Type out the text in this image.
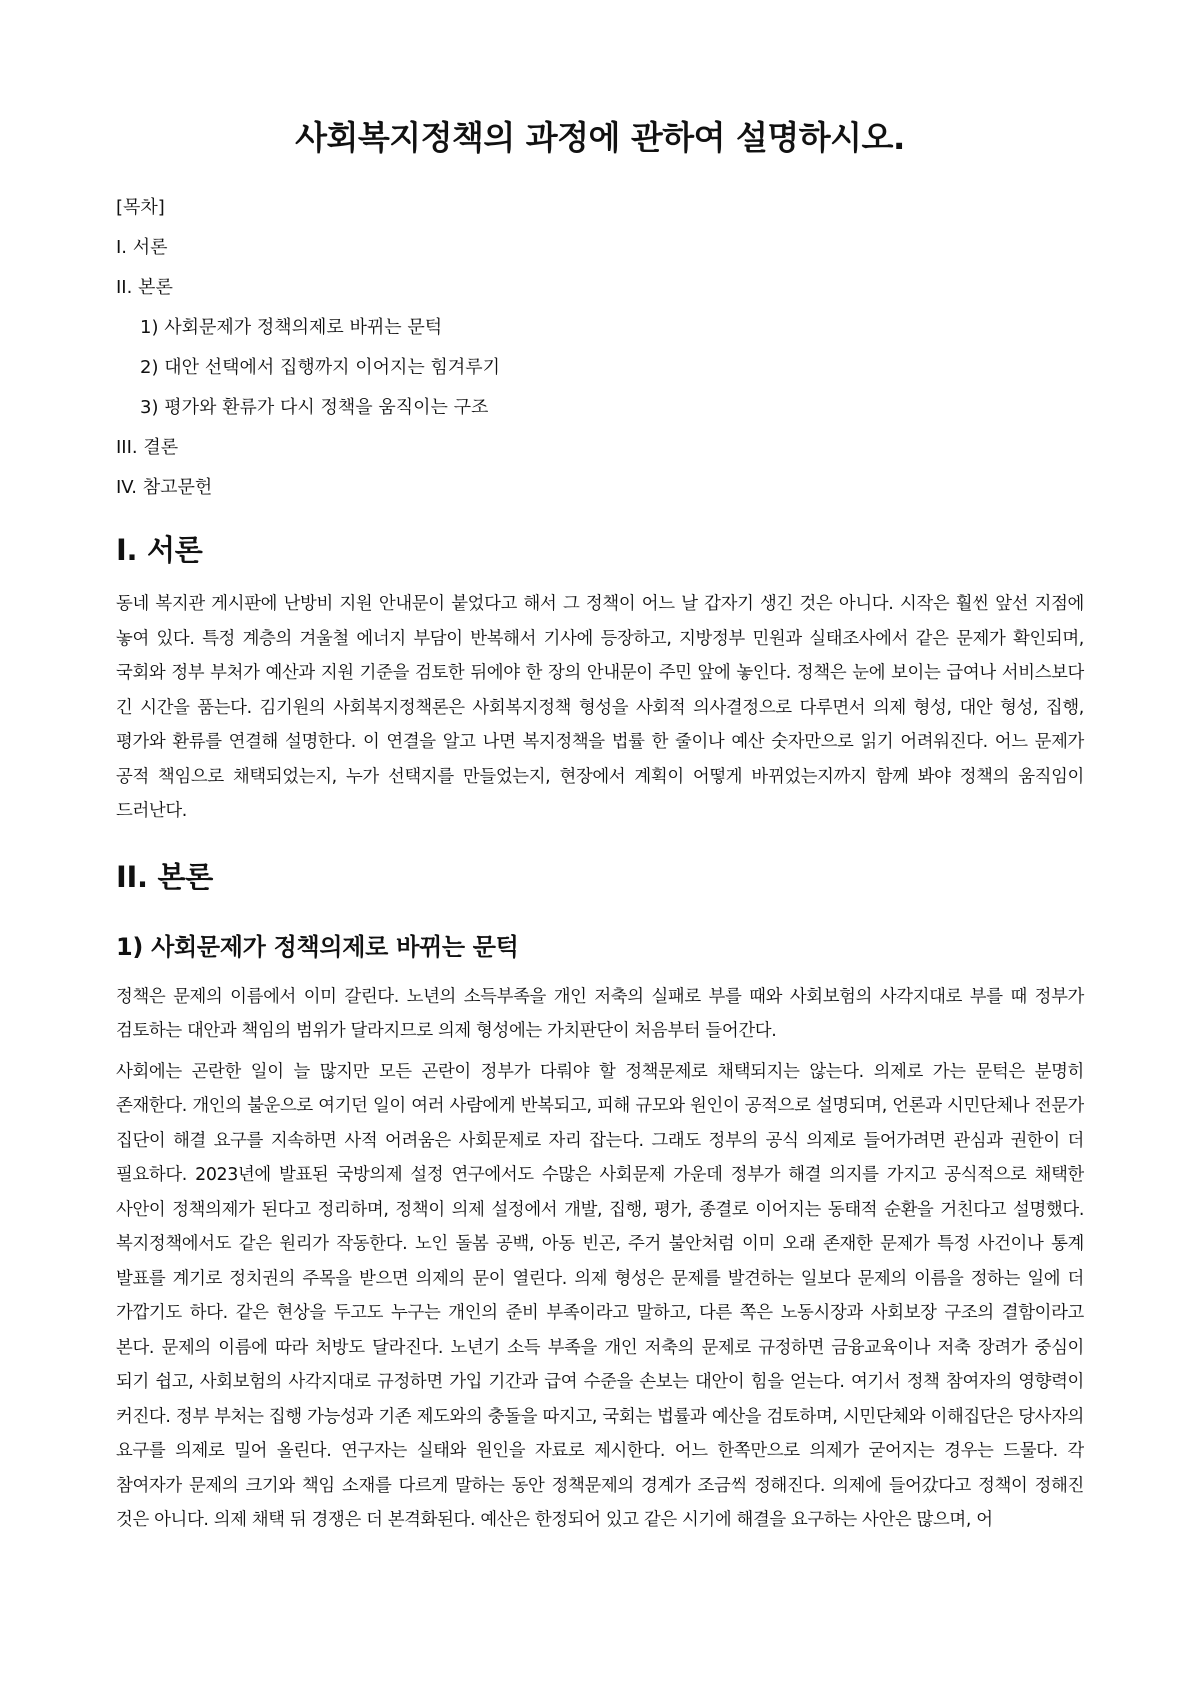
사회복지정책의 과정에 관하여 설명하시오.
[목차]
I. 서론
II. 본론
1) 사회문제가 정책의제로 바뀌는 문턱
2) 대안 선택에서 집행까지 이어지는 힘겨루기
3) 평가와 환류가 다시 정책을 움직이는 구조
III. 결론
IV. 참고문헌
I. 서론

동네 복지관 게시판에 난방비 지원 안내문이 붙었다고 해서 그 정책이 어느 날 갑자기 생긴 것은 아니다. 시작은 훨씬 앞선 지점에 놓여 있다. 특정 계층의 겨울철 에너지 부담이 반복해서 기사에 등장하고, 지방정부 민원과 실태조사에서 같은 문제가 확인되며, 국회와 정부 부처가 예산과 지원 기준을 검토한 뒤에야 한 장의 안내문이 주민 앞에 놓인다. 정책은 눈에 보이는 급여나 서비스보다 긴 시간을 품는다. 김기원의 사회복지정책론은 사회복지정책 형성을 사회적 의사결정으로 다루면서 의제 형성, 대안 형성, 집행, 평가와 환류를 연결해 설명한다. 이 연결을 알고 나면 복지정책을 법률 한 줄이나 예산 숫자만으로 읽기 어려워진다. 어느 문제가 공적 책임으로 채택되었는지, 누가 선택지를 만들었는지, 현장에서 계획이 어떻게 바뀌었는지까지 함께 봐야 정책의 움직임이 드러난다.

II. 본론
1) 사회문제가 정책의제로 바뀌는 문턱

정책은 문제의 이름에서 이미 갈린다. 노년의 소득부족을 개인 저축의 실패로 부를 때와 사회보험의 사각지대로 부를 때 정부가 검토하는 대안과 책임의 범위가 달라지므로 의제 형성에는 가치판단이 처음부터 들어간다.

사회에는 곤란한 일이 늘 많지만 모든 곤란이 정부가 다뤄야 할 정책문제로 채택되지는 않는다. 의제로 가는 문턱은 분명히 존재한다. 개인의 불운으로 여기던 일이 여러 사람에게 반복되고, 피해 규모와 원인이 공적으로 설명되며, 언론과 시민단체나 전문가 집단이 해결 요구를 지속하면 사적 어려움은 사회문제로 자리 잡는다. 그래도 정부의 공식 의제로 들어가려면 관심과 권한이 더 필요하다. 2023년에 발표된 국방의제 설정 연구에서도 수많은 사회문제 가운데 정부가 해결 의지를 가지고 공식적으로 채택한 사안이 정책의제가 된다고 정리하며, 정책이 의제 설정에서 개발, 집행, 평가, 종결로 이어지는 동태적 순환을 거친다고 설명했다. 복지정책에서도 같은 원리가 작동한다. 노인 돌봄 공백, 아동 빈곤, 주거 불안처럼 이미 오래 존재한 문제가 특정 사건이나 통계 발표를 계기로 정치권의 주목을 받으면 의제의 문이 열린다. 의제 형성은 문제를 발견하는 일보다 문제의 이름을 정하는 일에 더 가깝기도 하다. 같은 현상을 두고도 누구는 개인의 준비 부족이라고 말하고, 다른 쪽은 노동시장과 사회보장 구조의 결함이라고 본다. 문제의 이름에 따라 처방도 달라진다. 노년기 소득 부족을 개인 저축의 문제로 규정하면 금융교육이나 저축 장려가 중심이 되기 쉽고, 사회보험의 사각지대로 규정하면 가입 기간과 급여 수준을 손보는 대안이 힘을 얻는다. 여기서 정책 참여자의 영향력이 커진다. 정부 부처는 집행 가능성과 기존 제도와의 충돌을 따지고, 국회는 법률과 예산을 검토하며, 시민단체와 이해집단은 당사자의 요구를 의제로 밀어 올린다. 연구자는 실태와 원인을 자료로 제시한다. 어느 한쪽만으로 의제가 굳어지는 경우는 드물다. 각 참여자가 문제의 크기와 책임 소재를 다르게 말하는 동안 정책문제의 경계가 조금씩 정해진다. 의제에 들어갔다고 정책이 정해진 것은 아니다. 의제 채택 뒤 경쟁은 더 본격화된다. 예산은 한정되어 있고 같은 시기에 해결을 요구하는 사안은 많으며, 어
